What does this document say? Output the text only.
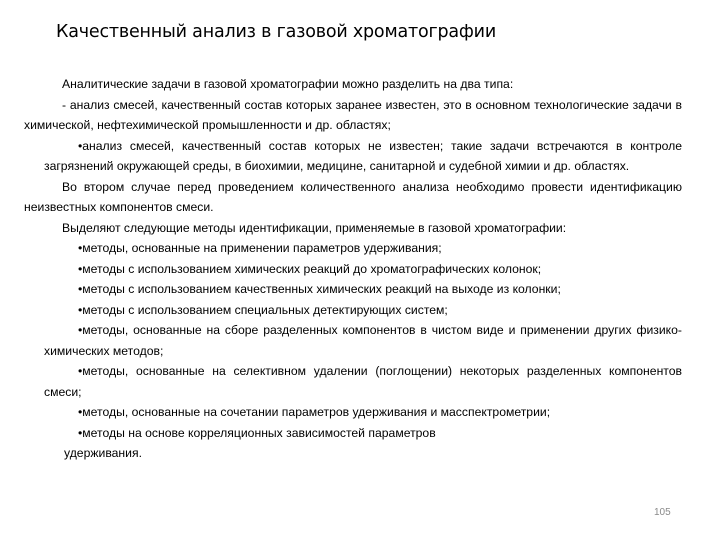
Качественный анализ в газовой хроматографии

Аналитические задачи в газовой хроматографии можно разделить на два типа:

- анализ смесей, качественный состав которых заранее известен, это в основном технологические задачи в химической, нефтехимической промышленности и др. областях;

•анализ смесей, качественный состав которых не известен; такие задачи встречаются в контроле загрязнений окружающей среды, в биохимии, медицине, санитарной и судебной химии и др. областях.

Во втором случае перед проведением количественного анализа необходимо провести идентификацию неизвестных компонентов смеси.

Выделяют следующие методы идентификации, применяемые в газовой хроматографии:

•методы, основанные на применении параметров удерживания;

•методы с использованием химических реакций до хроматографических колонок;

•методы с использованием качественных химических реакций на выходе из колонки;

•методы с использованием специальных детектирующих систем;

•методы, основанные на сборе разделенных компонентов в чистом виде и применении других физико-химических методов;

•методы, основанные на селективном удалении (поглощении) некоторых разделенных компонентов смеси;

•методы, основанные на сочетании параметров удерживания и масспектрометрии;

•методы на основе корреляционных зависимостей параметров

удерживания.

105
